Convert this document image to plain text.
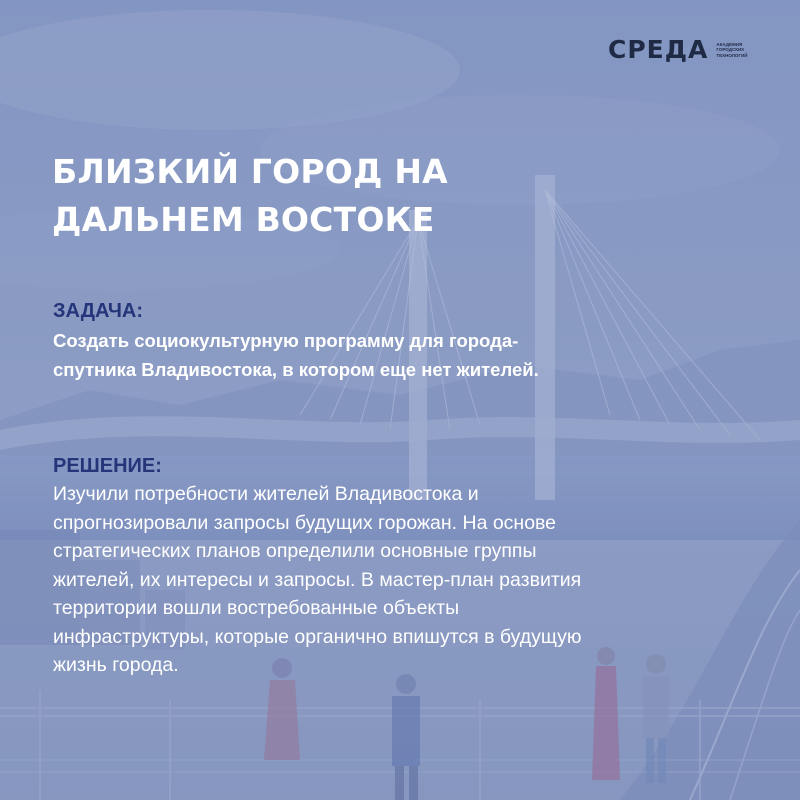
СРЕДА АКАДЕМИЯ
ГОРОДСКИХ
ТЕХНОЛОГИЙ
БЛИЗКИЙ ГОРОД НА
ДАЛЬНЕМ ВОСТОКЕ

ЗАДАЧА:

Создать социокультурную программу для города-
спутника Владивостока, в котором еще нет жителей.

РЕШЕНИЕ:

Изучили потребности жителей Владивостока и
спрогнозировали запросы будущих горожан. На основе
стратегических планов определили основные группы
жителей, их интересы и запросы. В мастер-план развития
территории вошли востребованные объекты
инфраструктуры, которые органично впишутся в будущую
жизнь города.
